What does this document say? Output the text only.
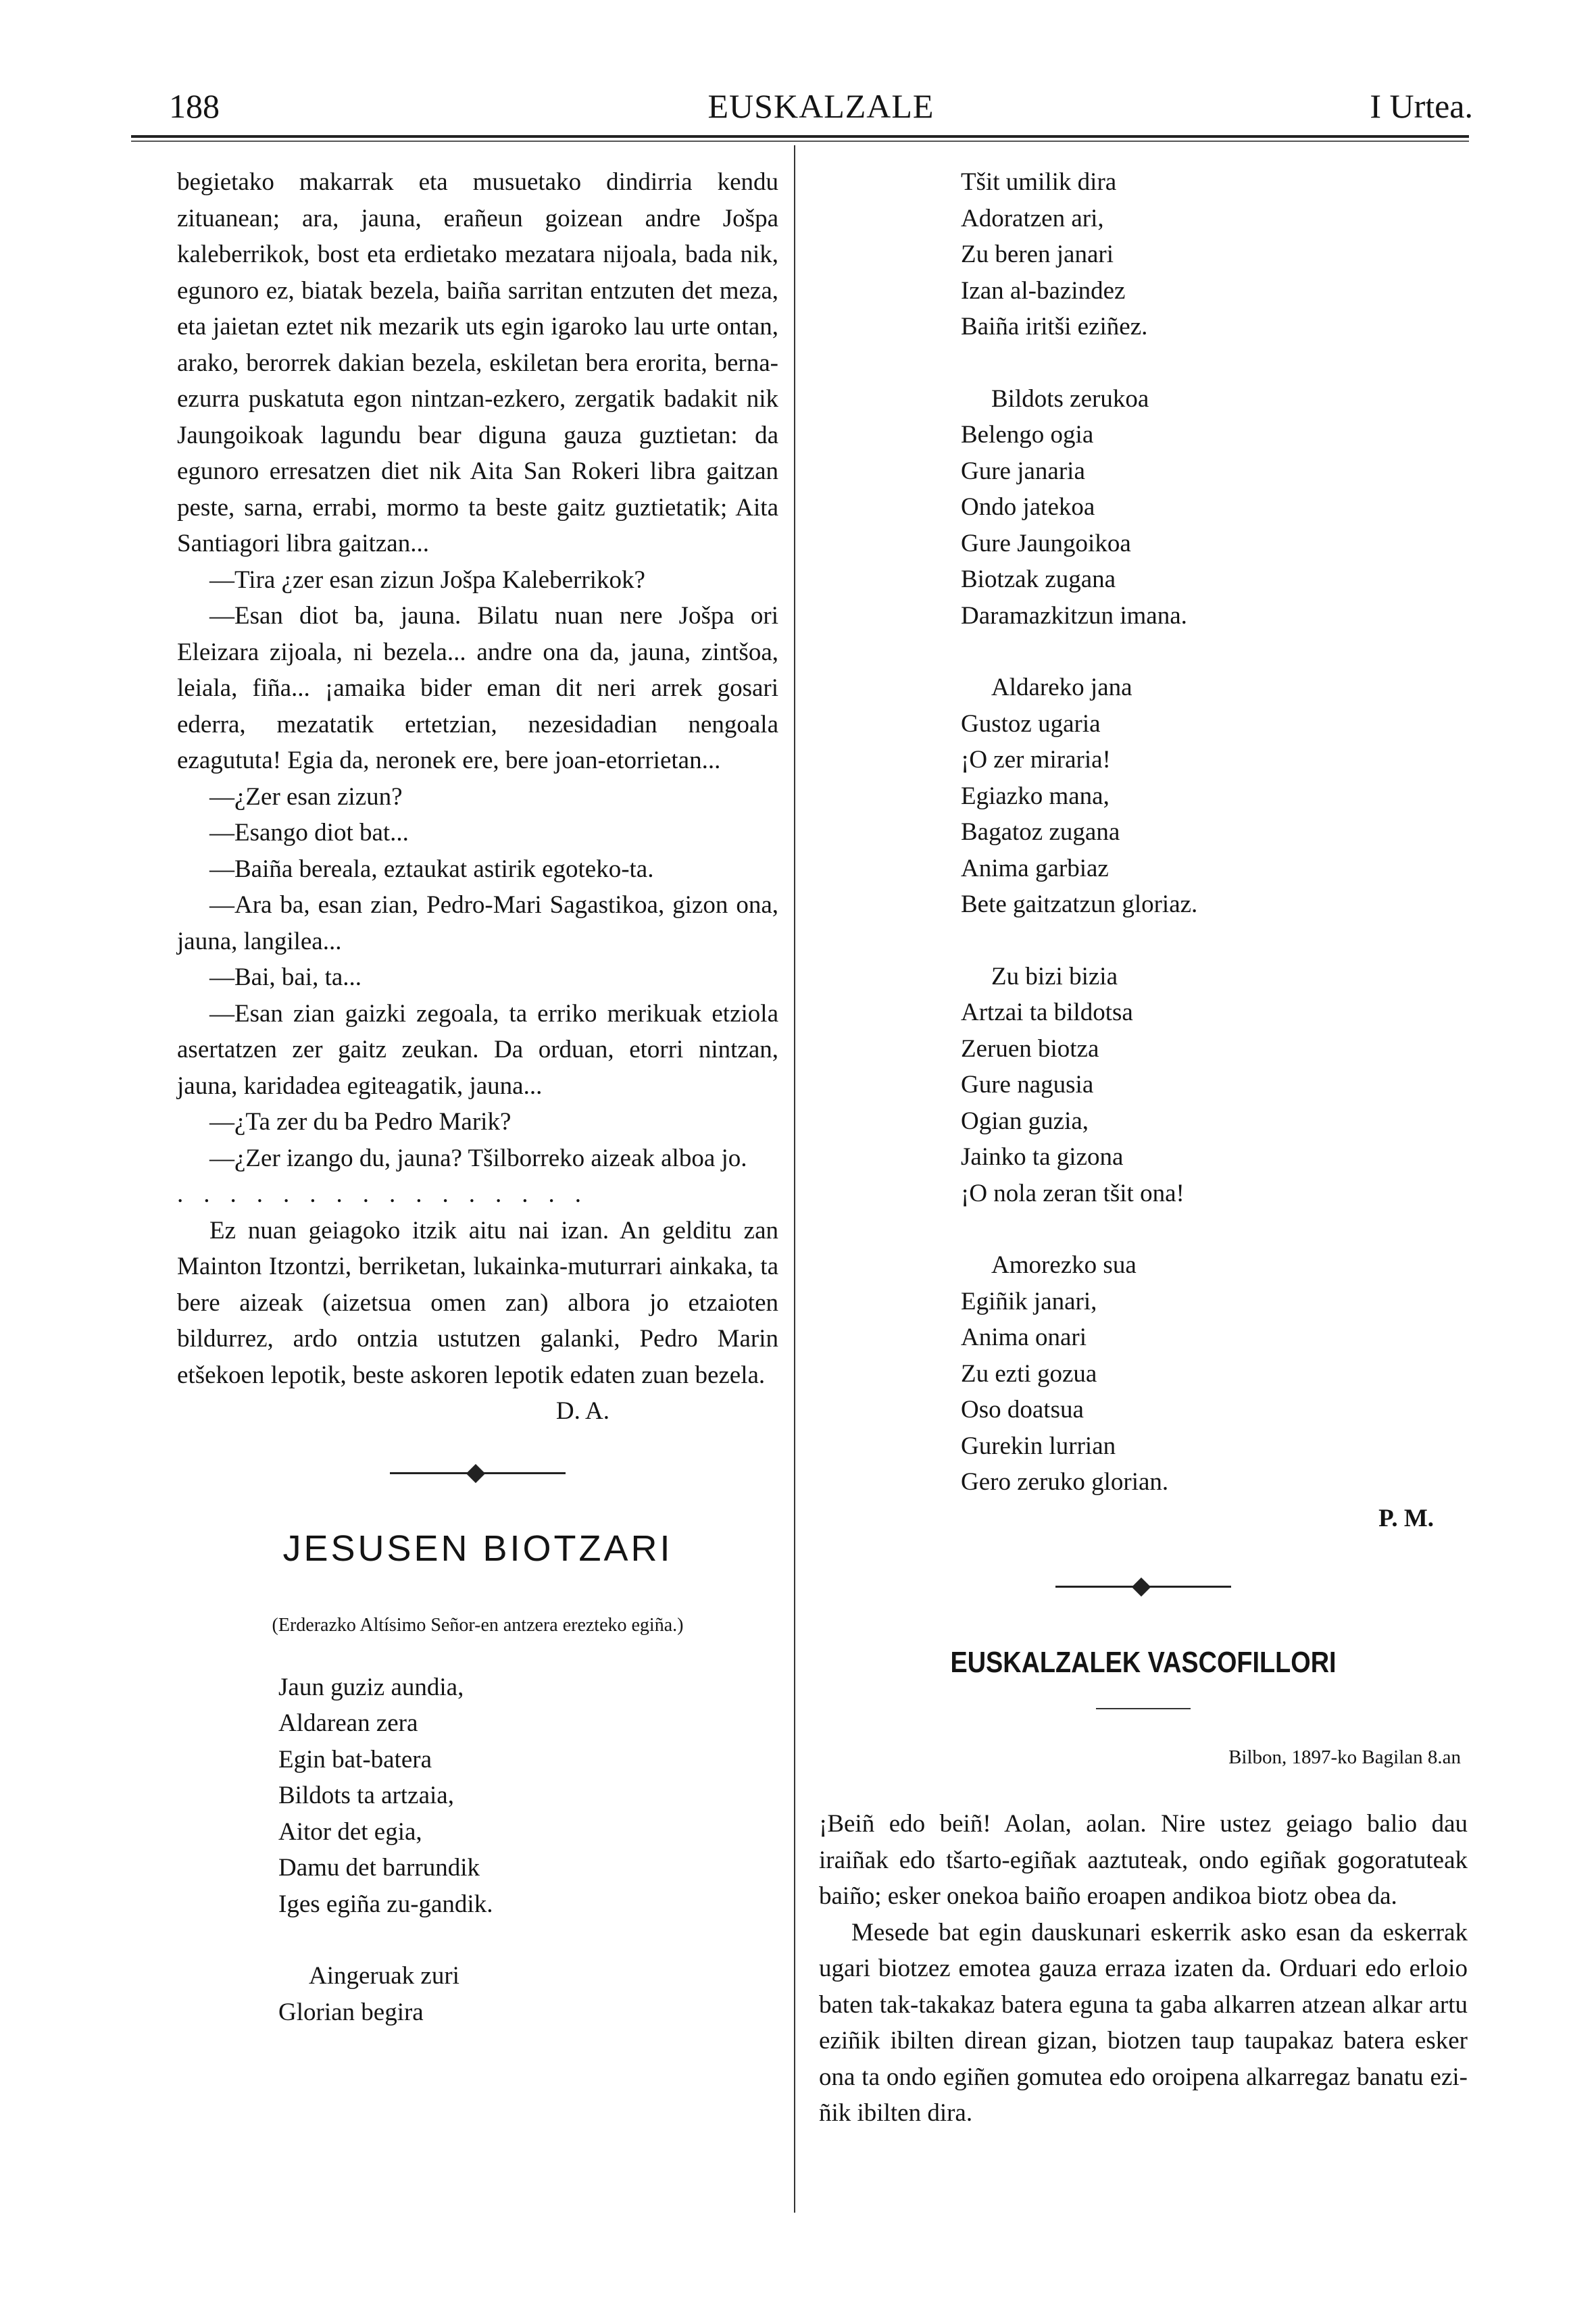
188	EUSKALZALE	I Urtea.

begietako makarrak eta musuetako dindirria kendu zituanean; ara, jauna, erañeun goizean andre Jošpa kaleberrikok, bost eta erdietako mezatara nijoala, bada nik, egunoro ez, biatak bezela, baiña sarritan entzuten det meza, eta jaietan eztet nik mezarik uts egin igaroko lau urte ontan, arako, berorrek dakian bezela, eskiletan bera erorita, berna-ezurra puskatuta egon nintzan-ezkero, zergatik badakit nik Jaungoikoak lagundu bear diguna gauza guztietan: da egunoro erresatzen diet nik Aita San Rokeri libra gaitzan peste, sarna, errabi, mormo ta beste gaitz guztietatik; Aita Santiagori libra gaitzan...

—Tira ¿zer esan zizun Jošpa Kaleberrikok?

—Esan diot ba, jauna. Bilatu nuan nere Jošpa ori Eleizara zijoala, ni bezela... andre ona da, jauna, zintšoa, leiala, fiña... ¡amaika bider eman dit neri arrek gosari ederra, mezatatik ertetzian, nezesidadian nengoala ezagututa! Egia da, neronek ere, bere joan-etorrietan...

—¿Zer esan zizun?

—Esango diot bat...

—Baiña bereala, eztaukat astirik egoteko-ta.

—Ara ba, esan zian, Pedro-Mari Sagastikoa, gizon ona, jauna, langilea...

—Bai, bai, ta...

—Esan zian gaizki zegoala, ta erriko merikuak etziola asertatzen zer gaitz zeukan. Da orduan, etorri nintzan, jauna, karidadea egiteagatik, jauna...

—¿Ta zer du ba Pedro Marik?

—¿Zer izango du, jauna? Tšilborreko aizeak alboa jo.

................

Ez nuan geiagoko itzik aitu nai izan. An gelditu zan Mainton Itzontzi, berriketan, lukainka-muturrari ainkaka, ta bere aizeak (aizetsua omen zan) albora jo etzaioten bildurrez, ardo ontzia ustutzen galanki, Pedro Marin etšekoen lepotik, beste askoren lepotik edaten zuan bezela.

D. A.

JESUSEN BIOTZARI

(Erderazko Altísimo Señor-en antzera erezteko egiña.)

Jaun guziz aundia,
Aldarean zera
Egin bat-batera
Bildots ta artzaia,
Aitor det egia,
Damu det barrundik
Iges egiña zu-gandik.
Aingeruak zuri
Glorian begira
Tšit umilik dira
Adoratzen ari,
Zu beren janari
Izan al-bazindez
Baiña iritši eziñez.
Bildots zerukoa
Belengo ogia
Gure janaria
Ondo jatekoa
Gure Jaungoikoa
Biotzak zugana
Daramazkitzun imana.
Aldareko jana
Gustoz ugaria
¡O zer miraria!
Egiazko mana,
Bagatoz zugana
Anima garbiaz
Bete gaitzatzun gloriaz.
Zu bizi bizia
Artzai ta bildotsa
Zeruen biotza
Gure nagusia
Ogian guzia,
Jainko ta gizona
¡O nola zeran tšit ona!
Amorezko sua
Egiñik janari,
Anima onari
Zu ezti gozua
Oso doatsua
Gurekin lurrian
Gero zeruko glorian.

P. M.

EUSKALZALEK VASCOFILLORI

Bilbon, 1897-ko Bagilan 8.an

¡Beiñ edo beiñ! Aolan, aolan. Nire ustez geiago balio dau iraiñak edo tšarto-egiñak aaztuteak, ondo egiñak gogoratuteak baiño; esker onekoa baiño eroapen andikoa biotz obea da.

Mesede bat egin dauskunari eskerrik asko esan da eskerrak ugari biotzez emotea gauza erraza izaten da. Orduari edo erloio baten tak-takakaz batera eguna ta gaba alkarren atzean alkar artu eziñik ibilten direan gizan, biotzen taup taupakaz batera esker ona ta ondo egiñen gomutea edo oroipena alkarregaz banatu eziñik ibilten dira.
